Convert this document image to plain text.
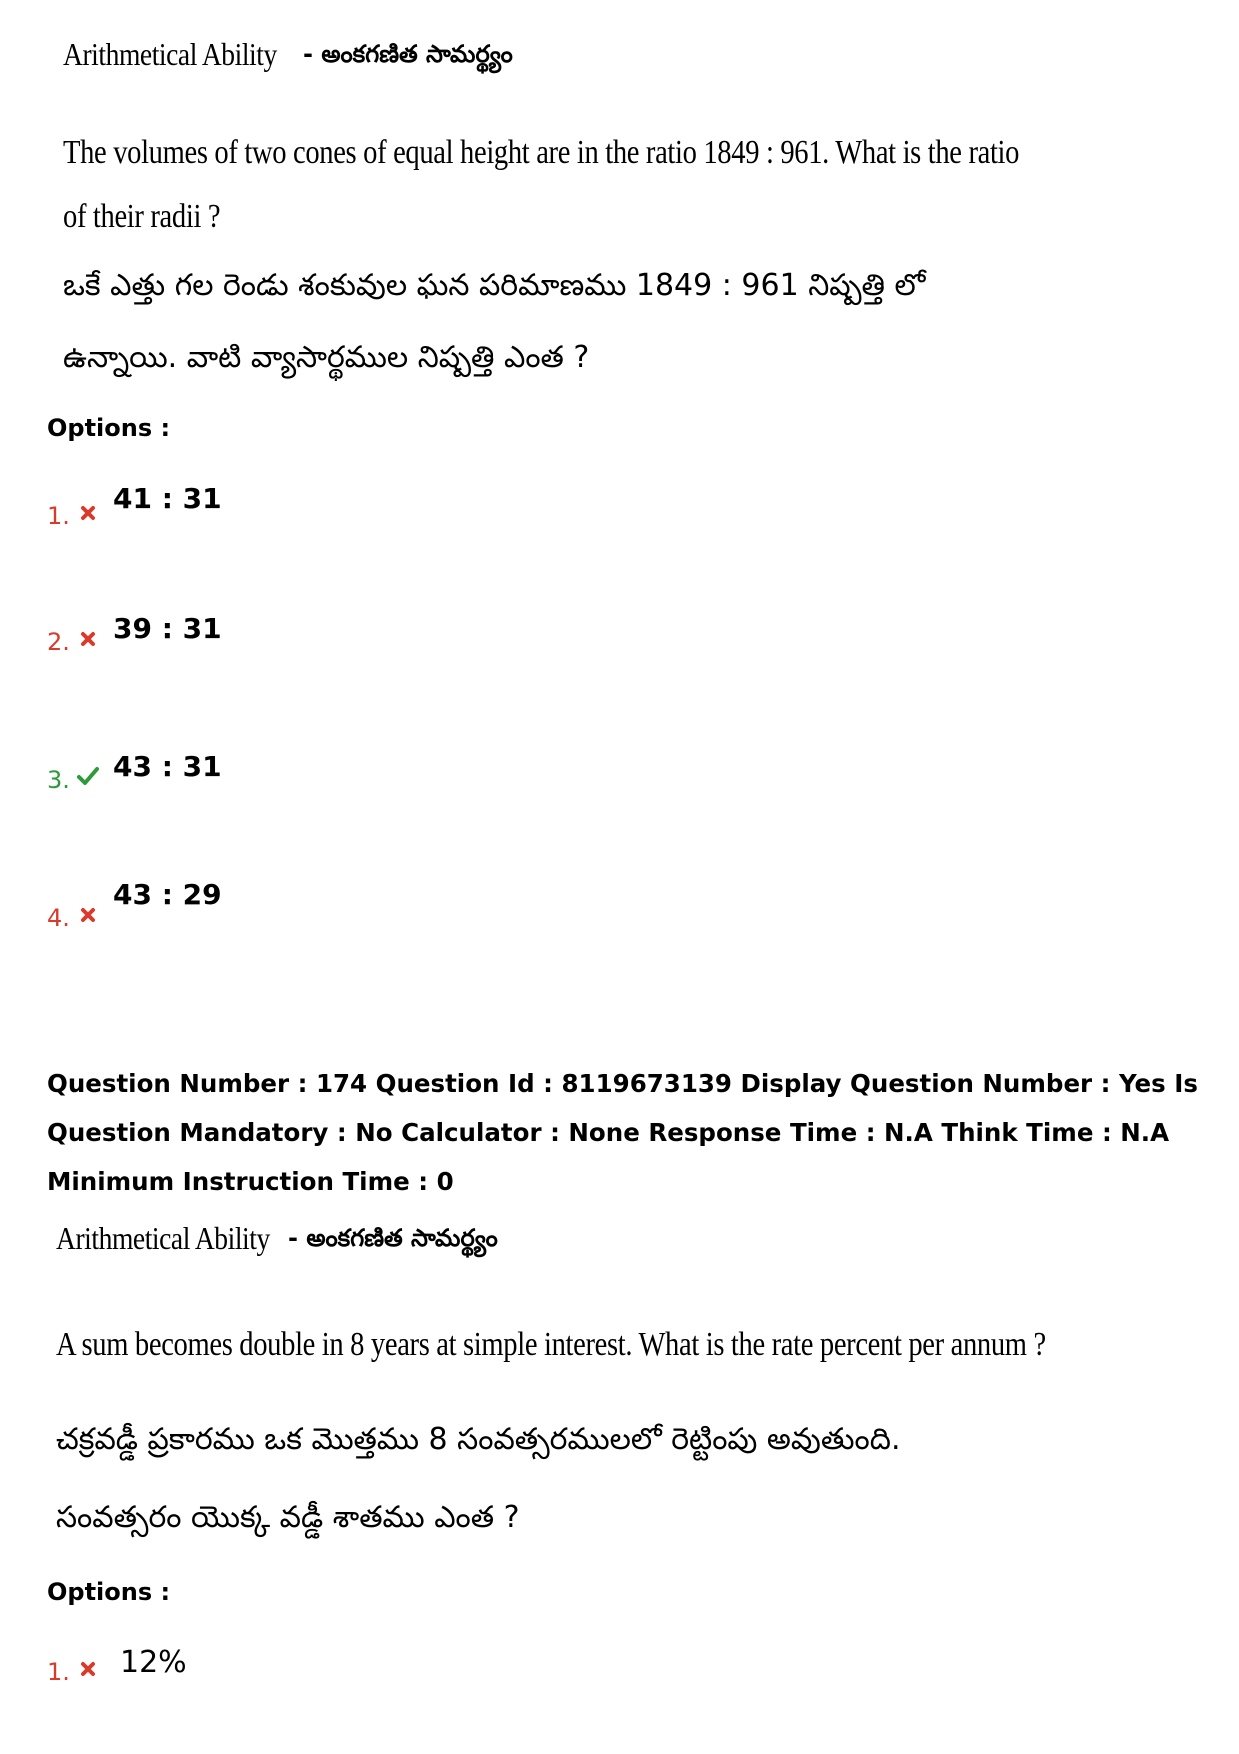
Arithmetical Ability - అంకగణిత సామర్థ్యం
The volumes of two cones of equal height are in the ratio 1849 : 961. What is the ratio
of their radii ?
ఒకే ఎత్తు గల రెండు శంకువుల ఘన పరిమాణము 1849 : 961 నిష్పత్తి లో
ఉన్నాయి. వాటి వ్యాసార్థముల నిష్పత్తి ఎంత ?
Options :
1.
41 : 31
2. 39 : 31
3. 43 : 31
4.
43 : 29
Question Number : 174 Question Id : 8119673139 Display Question Number : Yes Is Question Mandatory : No Calculator : None Response Time : N.A Think Time : N.A Minimum Instruction Time : 0
Arithmetical Ability - అంకగణిత సామర్థ్యం
A sum becomes double in 8 years at simple interest. What is the rate percent per annum ?
చక్రవడ్డీ ప్రకారము ఒక మొత్తము 8 సంవత్సరములలో రెట్టింపు అవుతుంది.
సంవత్సరం యొక్క వడ్డీ శాతము ఎంత ?
Options :
1. 12%
